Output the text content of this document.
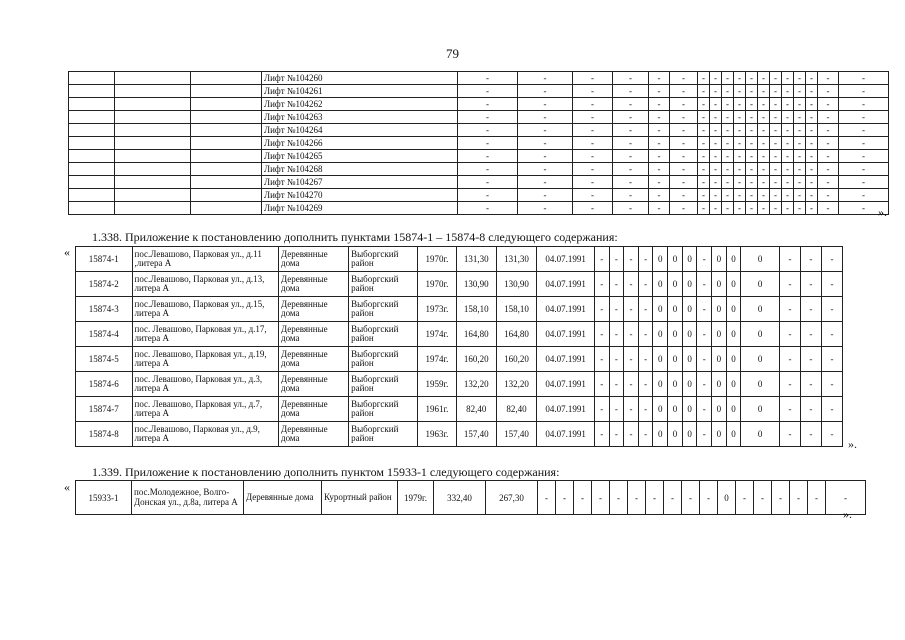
79
			Лифт №104260	-	-	-	-	-	-	-	-	-	-	-	-	-	-	-	-	-	-	
			Лифт №104261	-	-	-	-	-	-	-	-	-	-	-	-	-	-	-	-	-	-	
			Лифт №104262	-	-	-	-	-	-	-	-	-	-	-	-	-	-	-	-	-	-	
			Лифт №104263	-	-	-	-	-	-	-	-	-	-	-	-	-	-	-	-	-	-	
			Лифт №104264	-	-	-	-	-	-	-	-	-	-	-	-	-	-	-	-	-	-	
			Лифт №104266	-	-	-	-	-	-	-	-	-	-	-	-	-	-	-	-	-	-	
			Лифт №104265	-	-	-	-	-	-	-	-	-	-	-	-	-	-	-	-	-	-	
			Лифт №104268	-	-	-	-	-	-	-	-	-	-	-	-	-	-	-	-	-	-	
			Лифт №104267	-	-	-	-	-	-	-	-	-	-	-	-	-	-	-	-	-	-	
			Лифт №104270	-	-	-	-	-	-	-	-	-	-	-	-	-	-	-	-	-	-	
			Лифт №104269	-	-	-	-	-	-	-	-	-	-	-	-	-	-	-	-	-	-	».
1.338. Приложение к постановлению дополнить пунктами 15874-1 – 15874-8 следующего содержания:
« 15874-1	пос.Левашово, Парковая ул., д.11 ,литера А	Деревянные дома	Выборгский район	1970г.	131,30	131,30	04.07.1991	-	-	-	-	0	0	0	-	0	0	0	-	-	-
15874-2	пос.Левашово, Парковая ул., д.13, литера А	Деревянные дома	Выборгский район	1970г.	130,90	130,90	04.07.1991	-	-	-	-	0	0	0	-	0	0	0	-	-	-
15874-3	пос.Левашово, Парковая ул., д.15, литера А	Деревянные дома	Выборгский район	1973г.	158,10	158,10	04.07.1991	-	-	-	-	0	0	0	-	0	0	0	-	-	-
15874-4	пос. Левашово, Парковая ул., д.17, литера А	Деревянные дома	Выборгский район	1974г.	164,80	164,80	04.07.1991	-	-	-	-	0	0	0	-	0	0	0	-	-	-
15874-5	пос. Левашово, Парковая ул., д.19, литера А	Деревянные дома	Выборгский район	1974г.	160,20	160,20	04.07.1991	-	-	-	-	0	0	0	-	0	0	0	-	-	-
15874-6	пос. Левашово, Парковая ул., д.3, литера А	Деревянные дома	Выборгский район	1959г.	132,20	132,20	04.07.1991	-	-	-	-	0	0	0	-	0	0	0	-	-	-
15874-7	пос. Левашово, Парковая ул., д.7, литера А	Деревянные дома	Выборгский район	1961г.	82,40	82,40	04.07.1991	-	-	-	-	0	0	0	-	0	0	0	-	-	-
15874-8	пос.Левашово, Парковая ул., д.9, литера А	Деревянные дома	Выборгский район	1963г.	157,40	157,40	04.07.1991	-	-	-	-	0	0	0	-	0	0	0	-	-	-
».
1.339. Приложение к постановлению дополнить пунктом 15933-1 следующего содержания:
«
15933-1	пос.Молодежное, Волго-Донская ул., д.8а, литера А	Деревянные дома	Курортный район	1979г.	332,40	267,30	-	-	-	-	-	-	-	-	-	-	0	-	-	-	-	-	-
».
